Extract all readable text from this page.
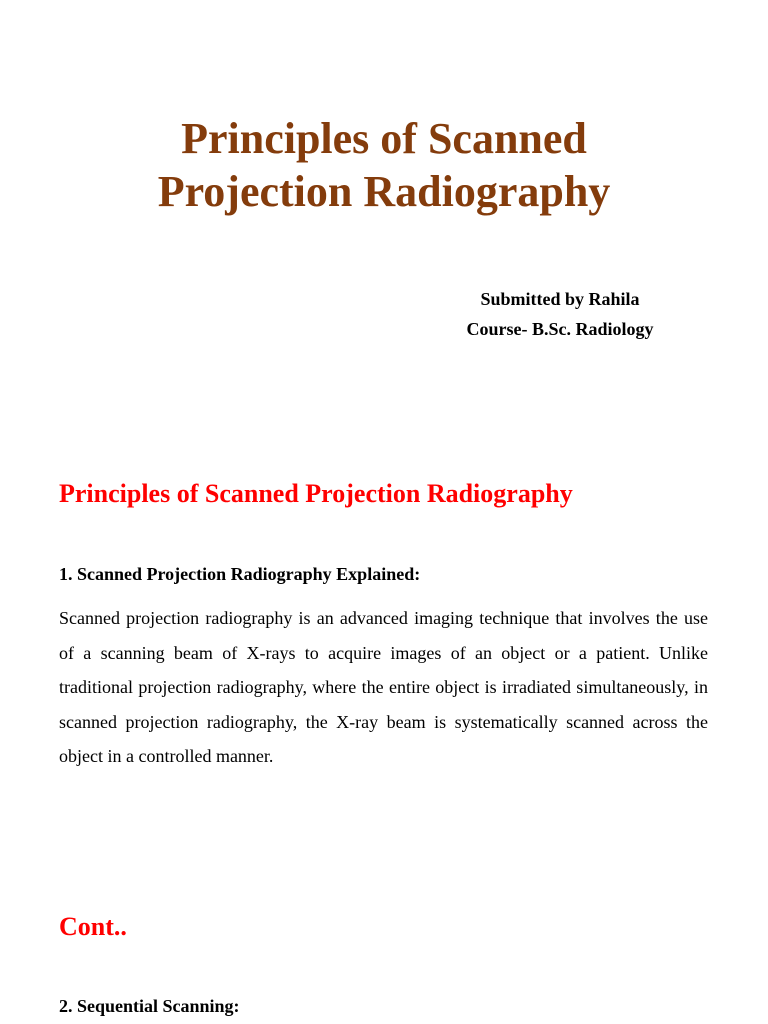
Principles of Scanned
Projection Radiography
Submitted by Rahila
Course- B.Sc. Radiology
Principles of Scanned Projection Radiography
1. Scanned Projection Radiography Explained:

Scanned projection radiography is an advanced imaging technique that involves the use of a scanning beam of X-rays to acquire images of an object or a patient. Unlike traditional projection radiography, where the entire object is irradiated simultaneously, in scanned projection radiography, the X-ray beam is systematically scanned across the object in a controlled manner.

Cont..
2. Sequential Scanning:
